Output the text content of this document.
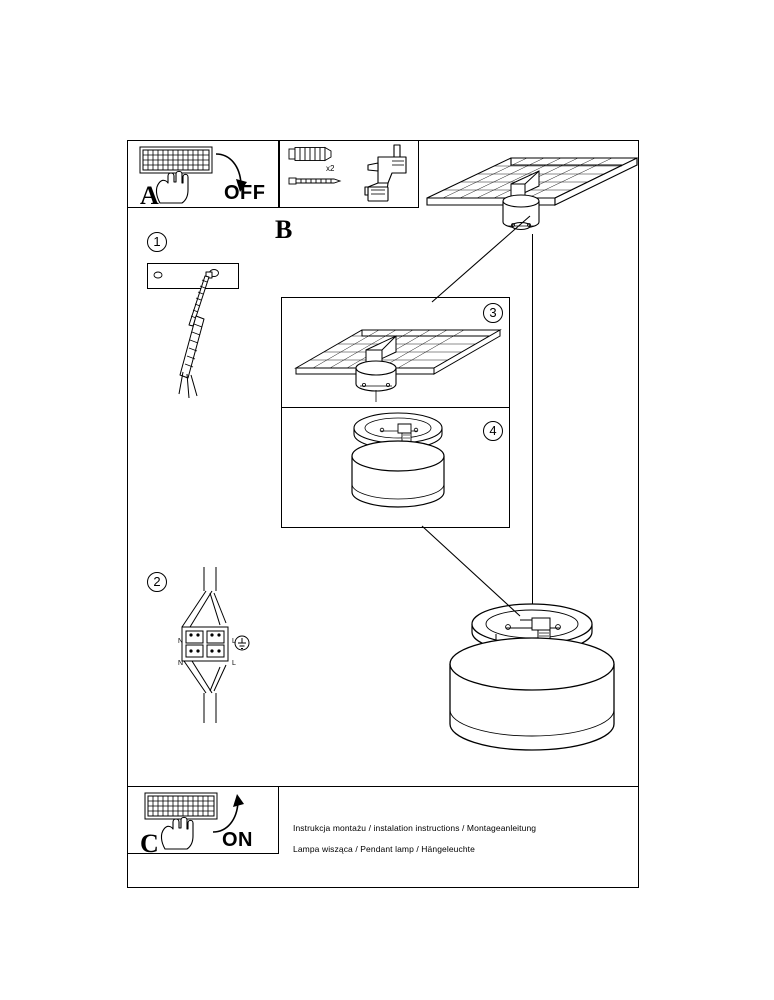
A	OFF
x2
B
1
2
N	L
N	L
C	ON
Instrukcja montażu / instalation instructions / Montageanleitung
Lampa wisząca / Pendant lamp / Hängeleuchte
3
4
